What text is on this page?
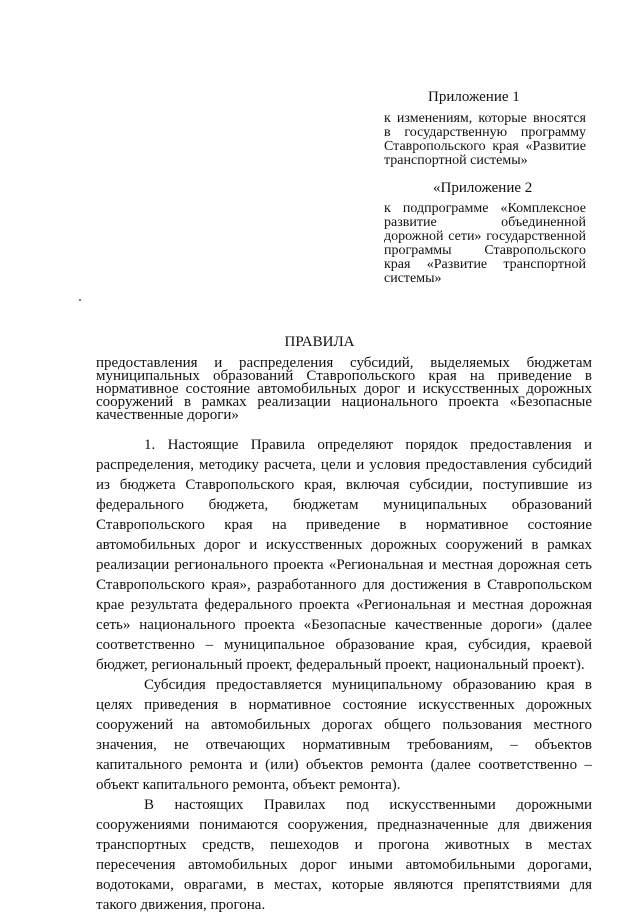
Приложение 1
к изменениям, которые вносятся в государственную программу Ставропольского края «Развитие транспортной системы»
«Приложение 2
к подпрограмме «Комплексное развитие объединенной дорожной сети» государственной программы Ставропольского края «Развитие транспортной системы»
ПРАВИЛА
предоставления и распределения субсидий, выделяемых бюджетам муниципальных образований Ставропольского края на приведение в нормативное состояние автомобильных дорог и искусственных дорожных сооружений в рамках реализации национального проекта «Безопасные качественные дороги»

1. Настоящие Правила определяют порядок предоставления и распределения, методику расчета, цели и условия предоставления субсидий из бюджета Ставропольского края, включая субсидии, поступившие из федерального бюджета, бюджетам муниципальных образований Ставропольского края на приведение в нормативное состояние автомобильных дорог и искусственных дорожных сооружений в рамках реализации регионального проекта «Региональная и местная дорожная сеть Ставропольского края», разработанного для достижения в Ставропольском крае результата федерального проекта «Региональная и местная дорожная сеть» национального проекта «Безопасные качественные дороги» (далее соответственно – муниципальное образование края, субсидия, краевой бюджет, региональный проект, федеральный проект, национальный проект).

Субсидия предоставляется муниципальному образованию края в целях приведения в нормативное состояние искусственных дорожных сооружений на автомобильных дорогах общего пользования местного значения, не отвечающих нормативным требованиям, – объектов капитального ремонта и (или) объектов ремонта (далее соответственно – объект капитального ремонта, объект ремонта).

В настоящих Правилах под искусственными дорожными сооружениями понимаются сооружения, предназначенные для движения транспортных средств, пешеходов и прогона животных в местах пересечения автомобильных дорог иными автомобильными дорогами, водотоками, оврагами, в местах, которые являются препятствиями для такого движения, прогона.
